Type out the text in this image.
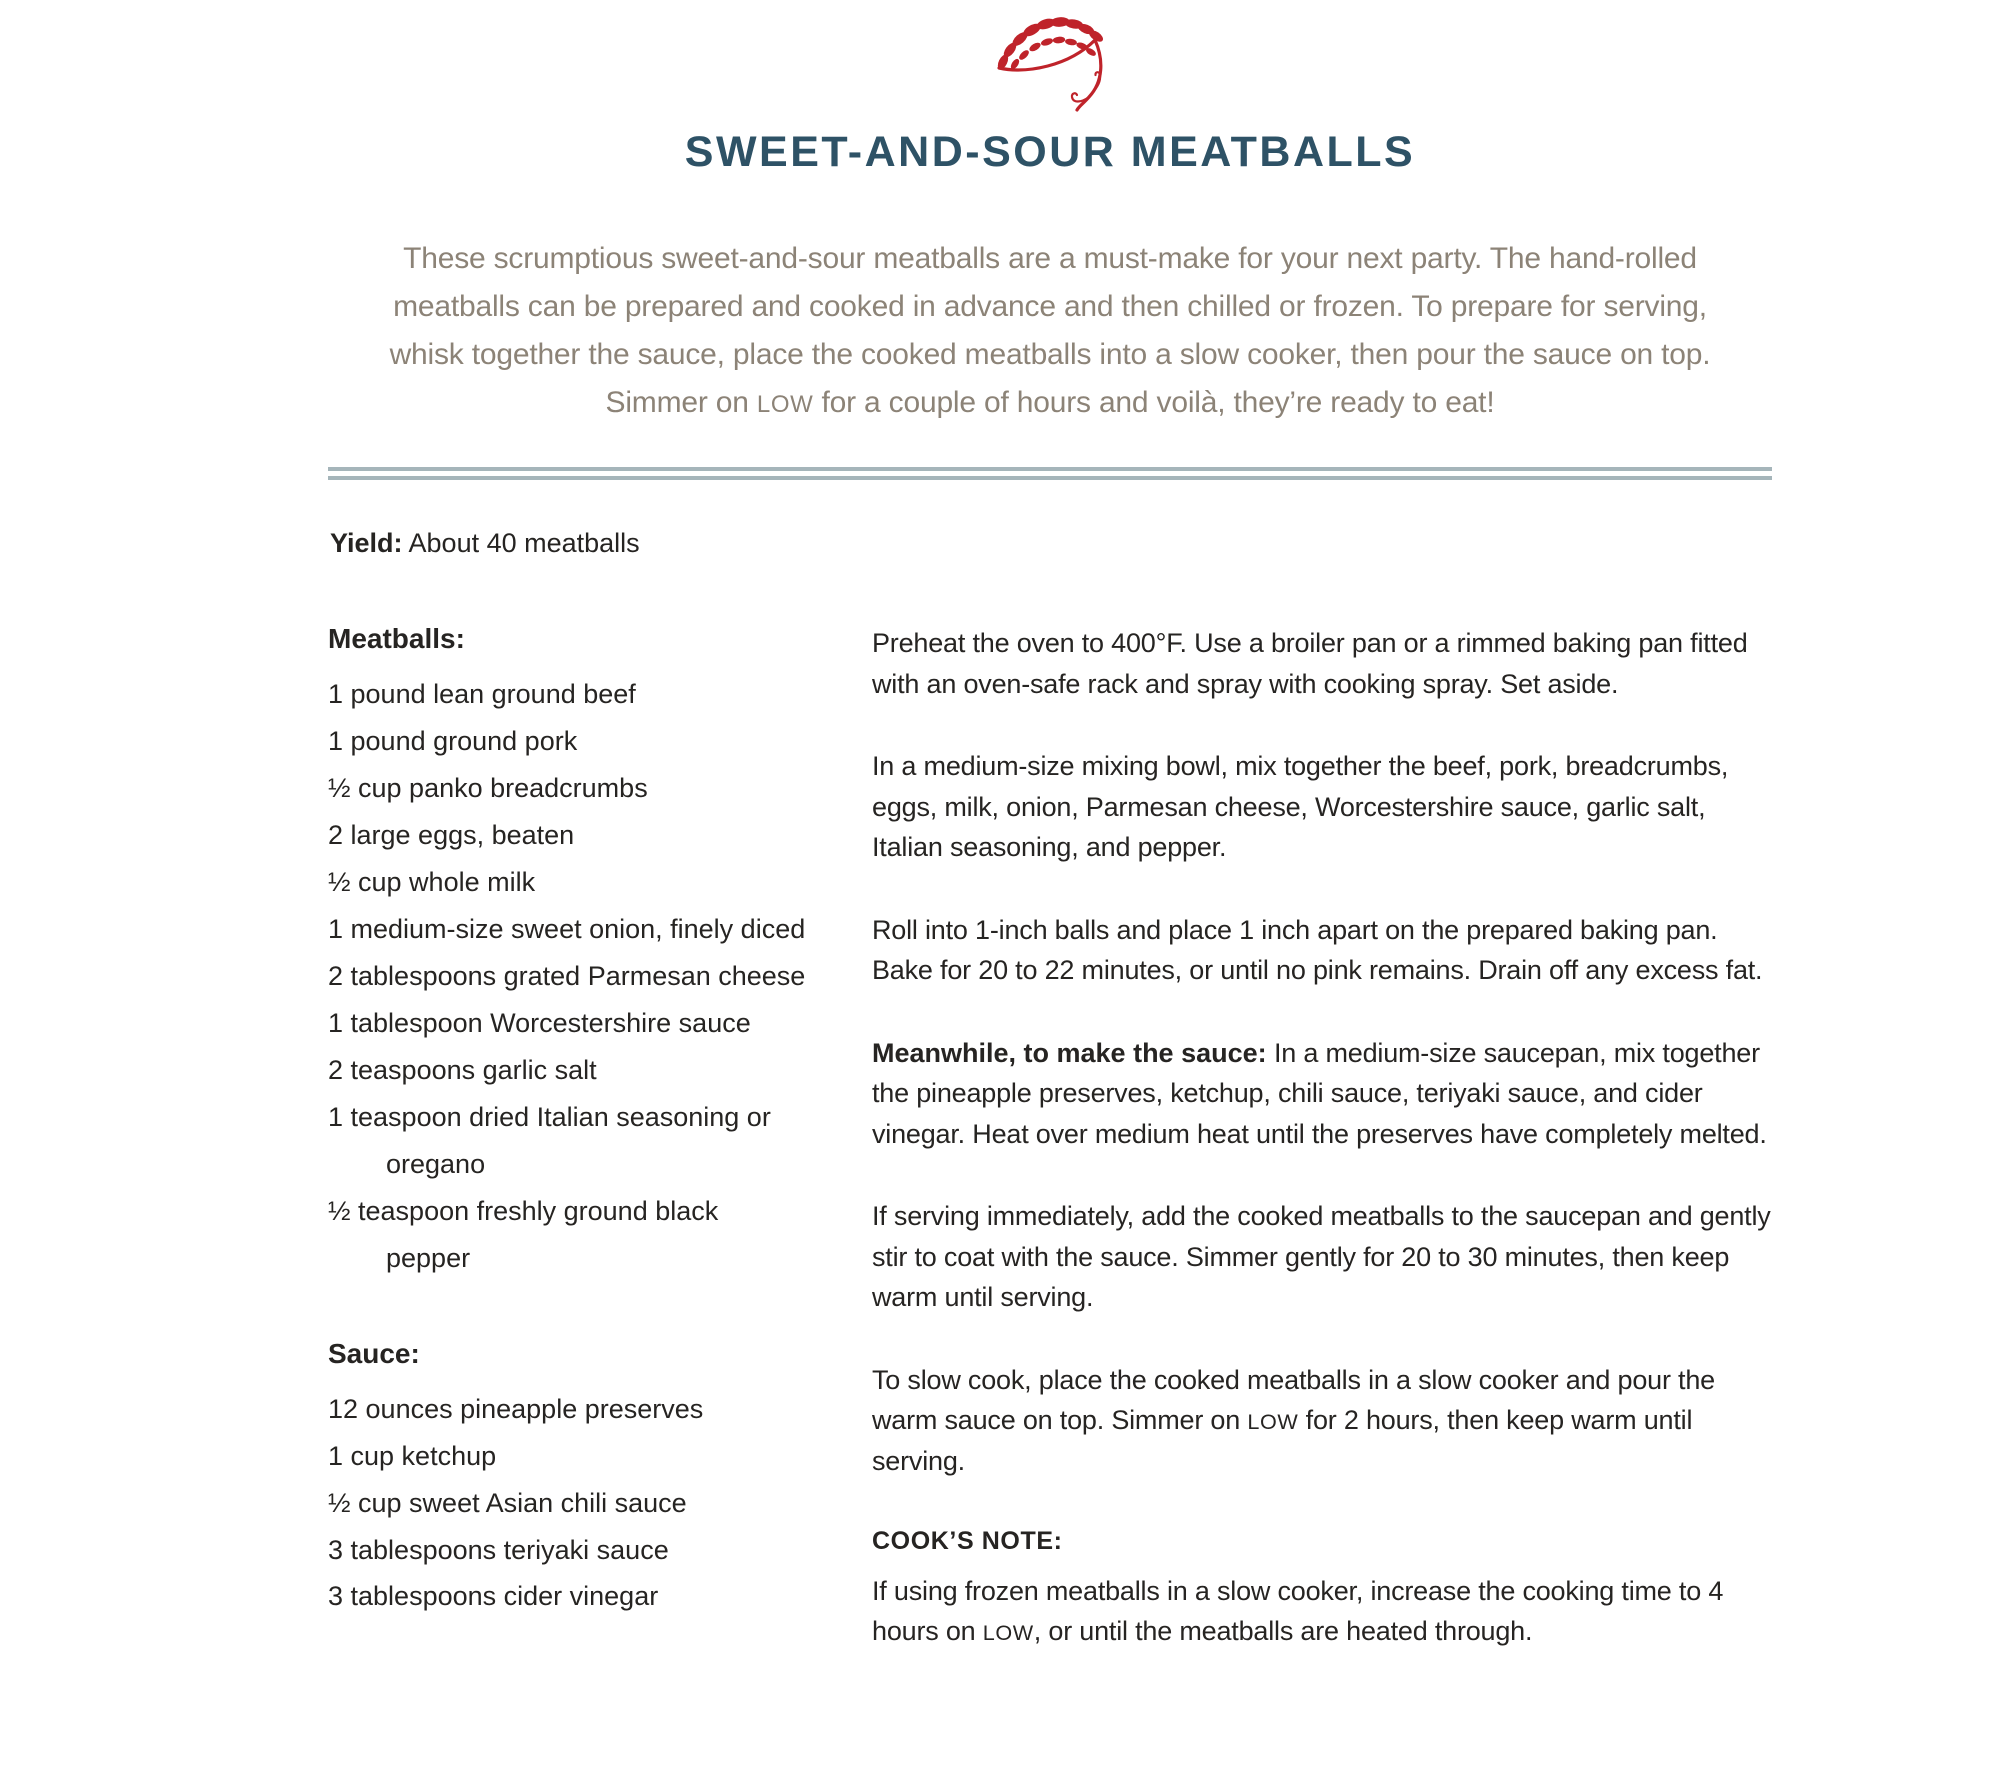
SWEET-AND-SOUR MEATBALLS

These scrumptious sweet-and-sour meatballs are a must-make for your next party. The hand-rolled meatballs can be prepared and cooked in advance and then chilled or frozen. To prepare for serving, whisk together the sauce, place the cooked meatballs into a slow cooker, then pour the sauce on top. Simmer on LOW for a couple of hours and voilà, they’re ready to eat!

Yield: About 40 meatballs

Meatballs:
1 pound lean ground beef
1 pound ground pork
½ cup panko breadcrumbs
2 large eggs, beaten
½ cup whole milk
1 medium-size sweet onion, finely diced
2 tablespoons grated Parmesan cheese
1 tablespoon Worcestershire sauce
2 teaspoons garlic salt
1 teaspoon dried Italian seasoning or oregano
½ teaspoon freshly ground black pepper
Sauce:
12 ounces pineapple preserves
1 cup ketchup
½ cup sweet Asian chili sauce
3 tablespoons teriyaki sauce
3 tablespoons cider vinegar

Preheat the oven to 400°F. Use a broiler pan or a rimmed baking pan fitted with an oven-safe rack and spray with cooking spray. Set aside.

In a medium-size mixing bowl, mix together the beef, pork, breadcrumbs, eggs, milk, onion, Parmesan cheese, Worcestershire sauce, garlic salt, Italian seasoning, and pepper.

Roll into 1-inch balls and place 1 inch apart on the prepared baking pan. Bake for 20 to 22 minutes, or until no pink remains. Drain off any excess fat.

Meanwhile, to make the sauce: In a medium-size saucepan, mix together the pineapple preserves, ketchup, chili sauce, teriyaki sauce, and cider vinegar. Heat over medium heat until the preserves have completely melted.

If serving immediately, add the cooked meatballs to the saucepan and gently stir to coat with the sauce. Simmer gently for 20 to 30 minutes, then keep warm until serving.

To slow cook, place the cooked meatballs in a slow cooker and pour the warm sauce on top. Simmer on LOW for 2 hours, then keep warm until serving.

COOK’S NOTE:

If using frozen meatballs in a slow cooker, increase the cooking time to 4 hours on LOW, or until the meatballs are heated through.
